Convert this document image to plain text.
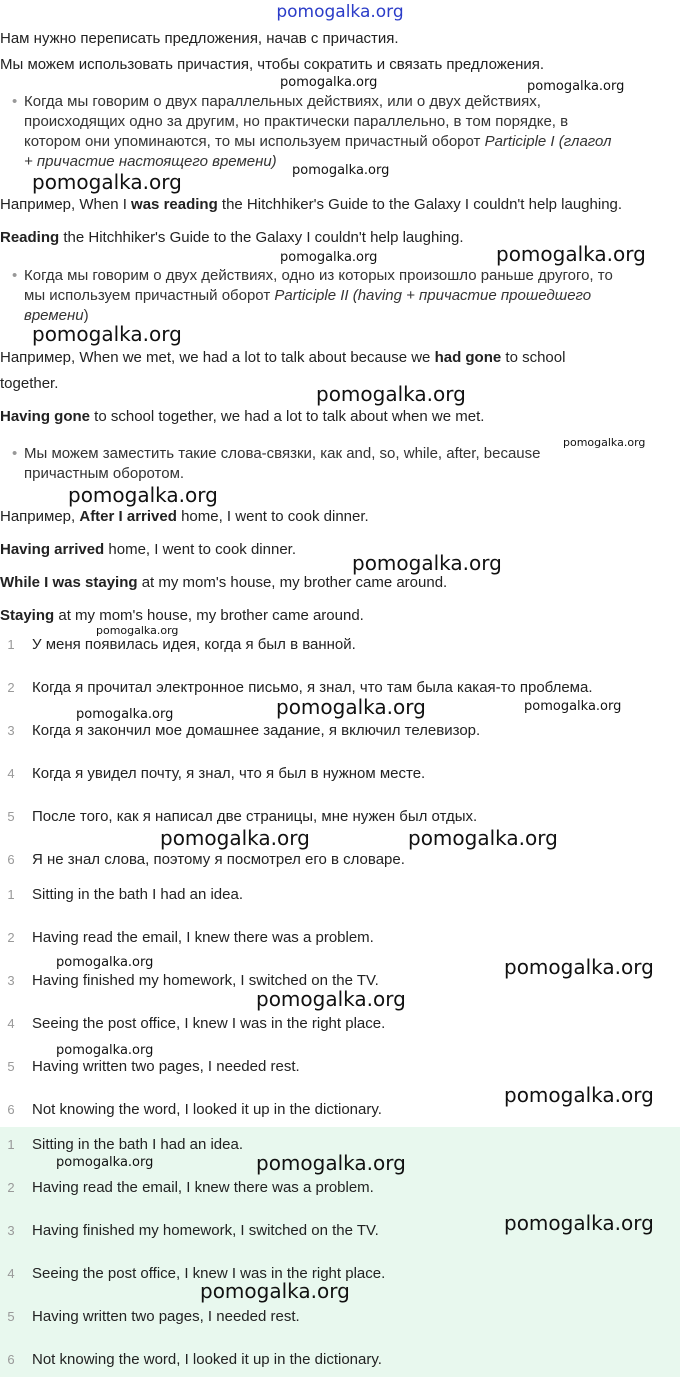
pomogalka.org
Нам нужно переписать предложения, начав с причастия.
Мы можем использовать причастия, чтобы сократить и связать предложения.
• Когда мы говорим о двух параллельных действиях, или о двух действиях,
происходящих одно за другим, но практически параллельно, в том порядке, в
котором они упоминаются, то мы используем причастный оборот Participle I (глагол
+ причастие настоящего времени)
Например, When I was reading the Hitchhiker's Guide to the Galaxy I couldn't help laughing.
Reading the Hitchhiker's Guide to the Galaxy I couldn't help laughing.
• Когда мы говорим о двух действиях, одно из которых произошло раньше другого, то
мы используем причастный оборот Participle II (having + причастие прошедшего
времени)
Например, When we met, we had a lot to talk about because we had gone to school
together.
Having gone to school together, we had a lot to talk about when we met.
• Мы можем заместить такие слова-связки, как and, so, while, after, because
причастным оборотом.
Например, After I arrived home, I went to cook dinner.
Having arrived home, I went to cook dinner.
While I was staying at my mom's house, my brother came around.
Staying at my mom's house, my brother came around.
1	У меня появилась идея, когда я был в ванной.
2	Когда я прочитал электронное письмо, я знал, что там была какая-то проблема.
3	Когда я закончил мое домашнее задание, я включил телевизор.
4	Когда я увидел почту, я знал, что я был в нужном месте.
5	После того, как я написал две страницы, мне нужен был отдых.
6	Я не знал слова, поэтому я посмотрел его в словаре.
1	Sitting in the bath I had an idea.
2	Having read the email, I knew there was a problem.
3	Having finished my homework, I switched on the TV.
4	Seeing the post office, I knew I was in the right place.
5	Having written two pages, I needed rest.
6	Not knowing the word, I looked it up in the dictionary.
1	Sitting in the bath I had an idea.
2	Having read the email, I knew there was a problem.
3	Having finished my homework, I switched on the TV.
4	Seeing the post office, I knew I was in the right place.
5	Having written two pages, I needed rest.
6	Not knowing the word, I looked it up in the dictionary.
pomogalka.org	pomogalka.org
pomogalka.org
pomogalka.org
pomogalka.org
pomogalka.org
pomogalka.org
pomogalka.org
pomogalka.org
pomogalka.org
pomogalka.org
pomogalka.org
pomogalka.org	pomogalka.org
pomogalka.org
pomogalka.org	pomogalka.org
pomogalka.org	pomogalka.org
pomogalka.org
pomogalka.org
pomogalka.org
pomogalka.org	pomogalka.org
pomogalka.org
pomogalka.org
